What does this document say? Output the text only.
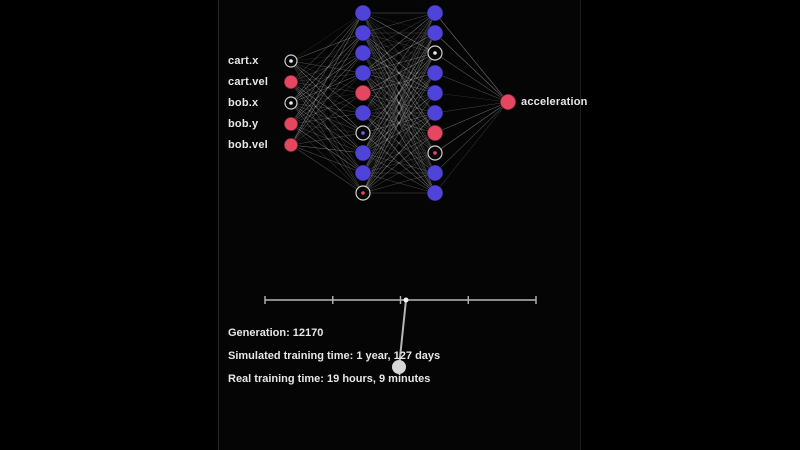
cart.x
cart.vel
bob.x
bob.y
bob.vel
acceleration
Generation: 12170
Simulated training time: 1 year, 127 days
Real training time: 19 hours, 9 minutes
